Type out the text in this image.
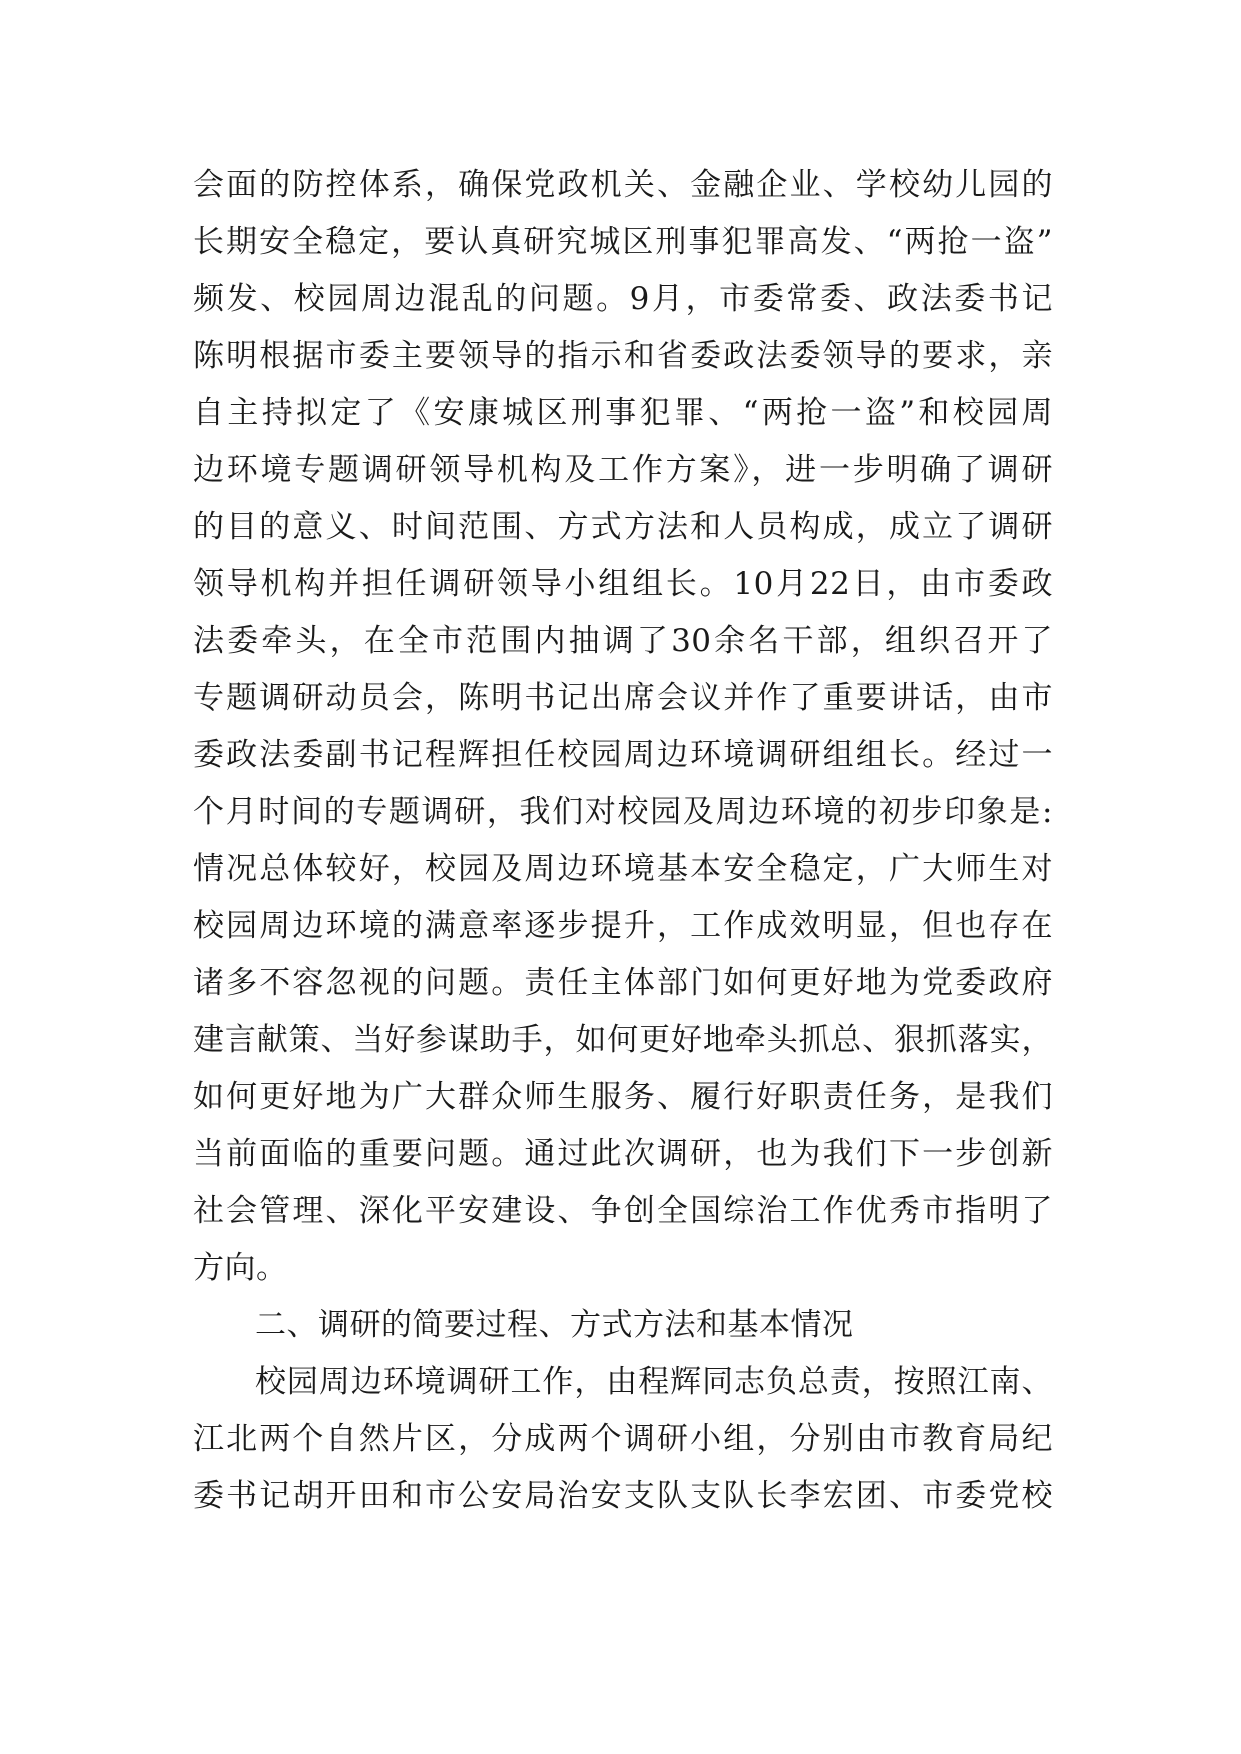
会面的防控体系，确保党政机关、金融企业、学校幼儿园的
长期安全稳定，要认真研究城区刑事犯罪高发、“两抢一盗”
频发、校园周边混乱的问题。9月，市委常委、政法委书记
陈明根据市委主要领导的指示和省委政法委领导的要求，亲
自主持拟定了《安康城区刑事犯罪、“两抢一盗”和校园周
边环境专题调研领导机构及工作方案》，进一步明确了调研
的目的意义、时间范围、方式方法和人员构成，成立了调研
领导机构并担任调研领导小组组长。10月22日，由市委政
法委牵头，在全市范围内抽调了30余名干部，组织召开了
专题调研动员会，陈明书记出席会议并作了重要讲话，由市
委政法委副书记程辉担任校园周边环境调研组组长。经过一
个月时间的专题调研，我们对校园及周边环境的初步印象是:
情况总体较好，校园及周边环境基本安全稳定，广大师生对
校园周边环境的满意率逐步提升，工作成效明显，但也存在
诸多不容忽视的问题。责任主体部门如何更好地为党委政府
建言献策、当好参谋助手，如何更好地牵头抓总、狠抓落实，
如何更好地为广大群众师生服务、履行好职责任务，是我们
当前面临的重要问题。通过此次调研，也为我们下一步创新
社会管理、深化平安建设、争创全国综治工作优秀市指明了
方向。
二、调研的简要过程、方式方法和基本情况
校园周边环境调研工作，由程辉同志负总责，按照江南、
江北两个自然片区，分成两个调研小组，分别由市教育局纪
委书记胡开田和市公安局治安支队支队长李宏团、市委党校
